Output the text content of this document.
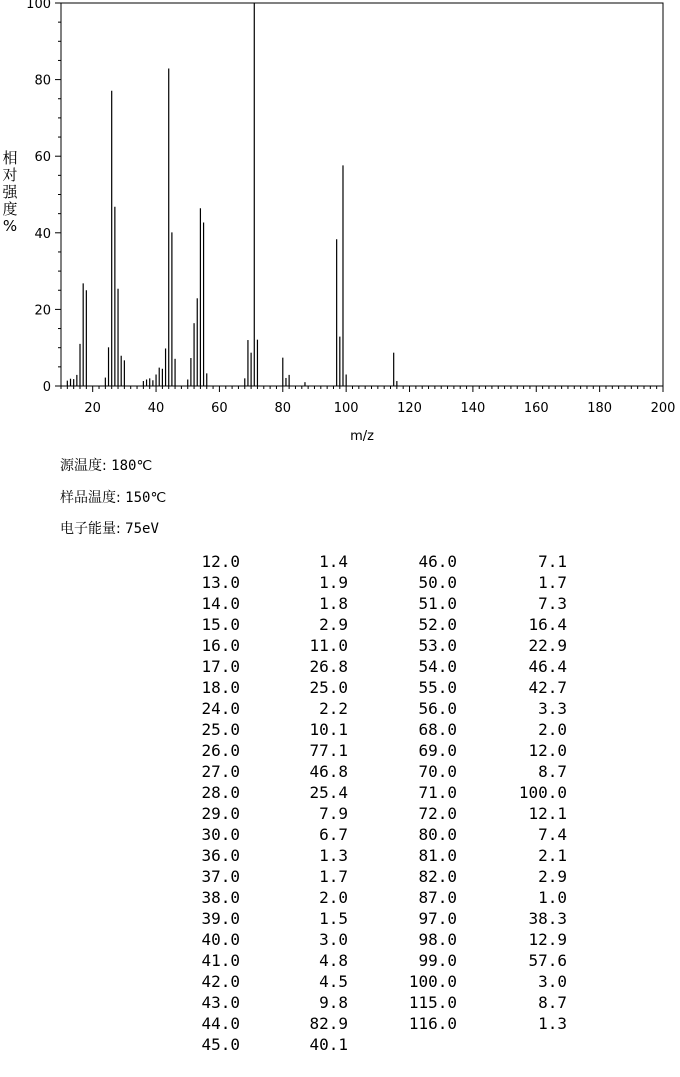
20	40	60	80	100	120	140	160	180	200
0
20
40
60
80
100
m/z
相
对
强
度
%
源温度: 180℃
样品温度: 150℃
电子能量: 75eV
12.0	1.4	46.0	7.1
13.0	1.9	50.0	1.7
14.0	1.8	51.0	7.3
15.0	2.9	52.0	16.4
16.0	11.0	53.0	22.9
17.0	26.8	54.0	46.4
18.0	25.0	55.0	42.7
24.0	2.2	56.0	3.3
25.0	10.1	68.0	2.0
26.0	77.1	69.0	12.0
27.0	46.8	70.0	8.7
28.0	25.4	71.0	100.0
29.0	7.9	72.0	12.1
30.0	6.7	80.0	7.4
36.0	1.3	81.0	2.1
37.0	1.7	82.0	2.9
38.0	2.0	87.0	1.0
39.0	1.5	97.0	38.3
40.0	3.0	98.0	12.9
41.0	4.8	99.0	57.6
42.0	4.5	100.0	3.0
43.0	9.8	115.0	8.7
44.0	82.9	116.0	1.3
45.0	40.1		
